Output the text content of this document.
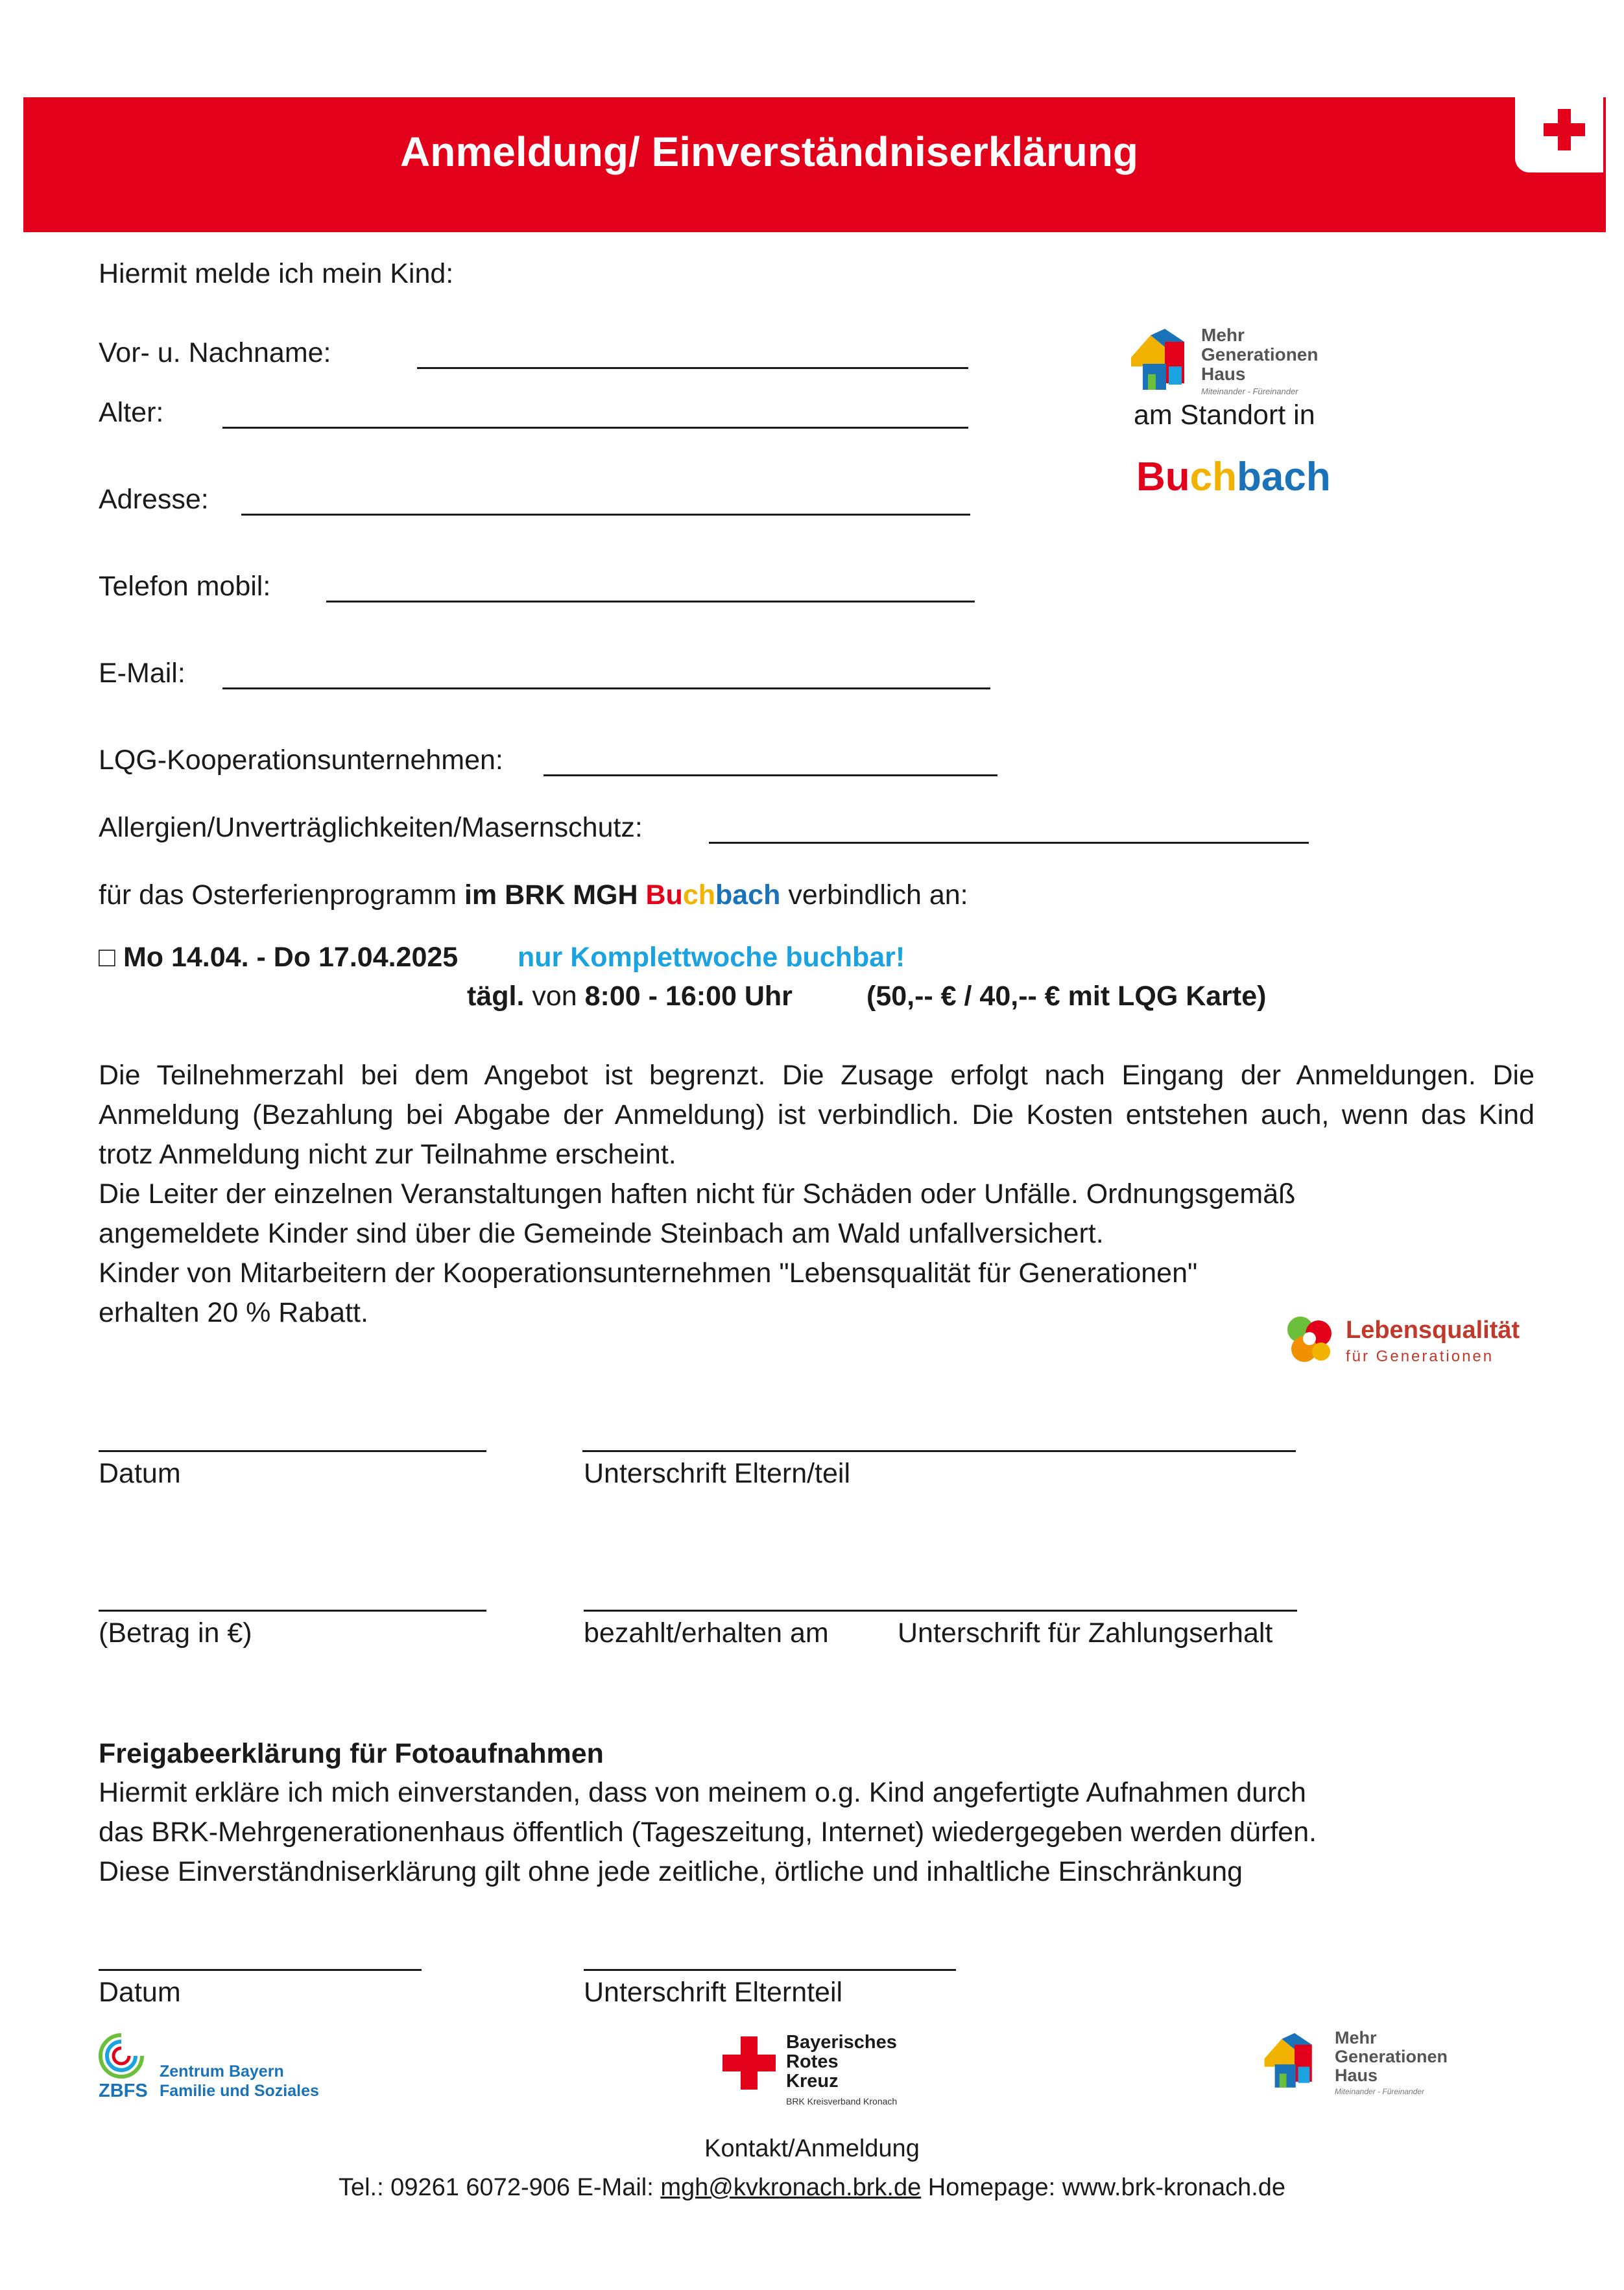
Anmeldung/ Einverständniserklärung
Hiermit melde ich mein Kind:
Vor- u. Nachname:
Alter:
Adresse:
Telefon mobil:
E-Mail:
LQG-Kooperationsunternehmen:
Allergien/Unverträglichkeiten/Masernschutz:
Mehr
Generationen
Haus
Miteinander - Füreinander
am Standort in
Buchbach
für das Osterferienprogramm im BRK MGH Buchbach verbindlich an:
□ Mo 14.04. - Do 17.04.2025 nur Komplettwoche buchbar!
tägl. von 8:00 - 16:00 Uhr	(50,-- € / 40,-- € mit LQG Karte)
Die Teilnehmerzahl bei dem Angebot ist begrenzt. Die Zusage erfolgt nach Eingang der Anmeldungen. Die
Anmeldung (Bezahlung bei Abgabe der Anmeldung) ist verbindlich. Die Kosten entstehen auch, wenn das Kind
trotz Anmeldung nicht zur Teilnahme erscheint.
Die Leiter der einzelnen Veranstaltungen haften nicht für Schäden oder Unfälle. Ordnungsgemäß
angemeldete Kinder sind über die Gemeinde Steinbach am Wald unfallversichert.
Kinder von Mitarbeitern der Kooperationsunternehmen "Lebensqualität für Generationen"
erhalten 20 % Rabatt.
Lebensqualität
für Generationen
Datum	Unterschrift Eltern/teil
(Betrag in €)	bezahlt/erhalten am Unterschrift für Zahlungserhalt
Freigabeerklärung für Fotoaufnahmen
Hiermit erkläre ich mich einverstanden, dass von meinem o.g. Kind angefertigte Aufnahmen durch
das BRK-Mehrgenerationenhaus öffentlich (Tageszeitung, Internet) wiedergegeben werden dürfen.
Diese Einverständniserklärung gilt ohne jede zeitliche, örtliche und inhaltliche Einschränkung
Datum	Unterschrift Elternteil
ZBFS
Zentrum Bayern
Familie und Soziales
Bayerisches
Rotes
Kreuz
BRK Kreisverband Kronach
Mehr
Generationen
Haus
Miteinander - Füreinander
Kontakt/Anmeldung
Tel.: 09261 6072-906 E-Mail: mgh@kvkronach.brk.de Homepage: www.brk-kronach.de
